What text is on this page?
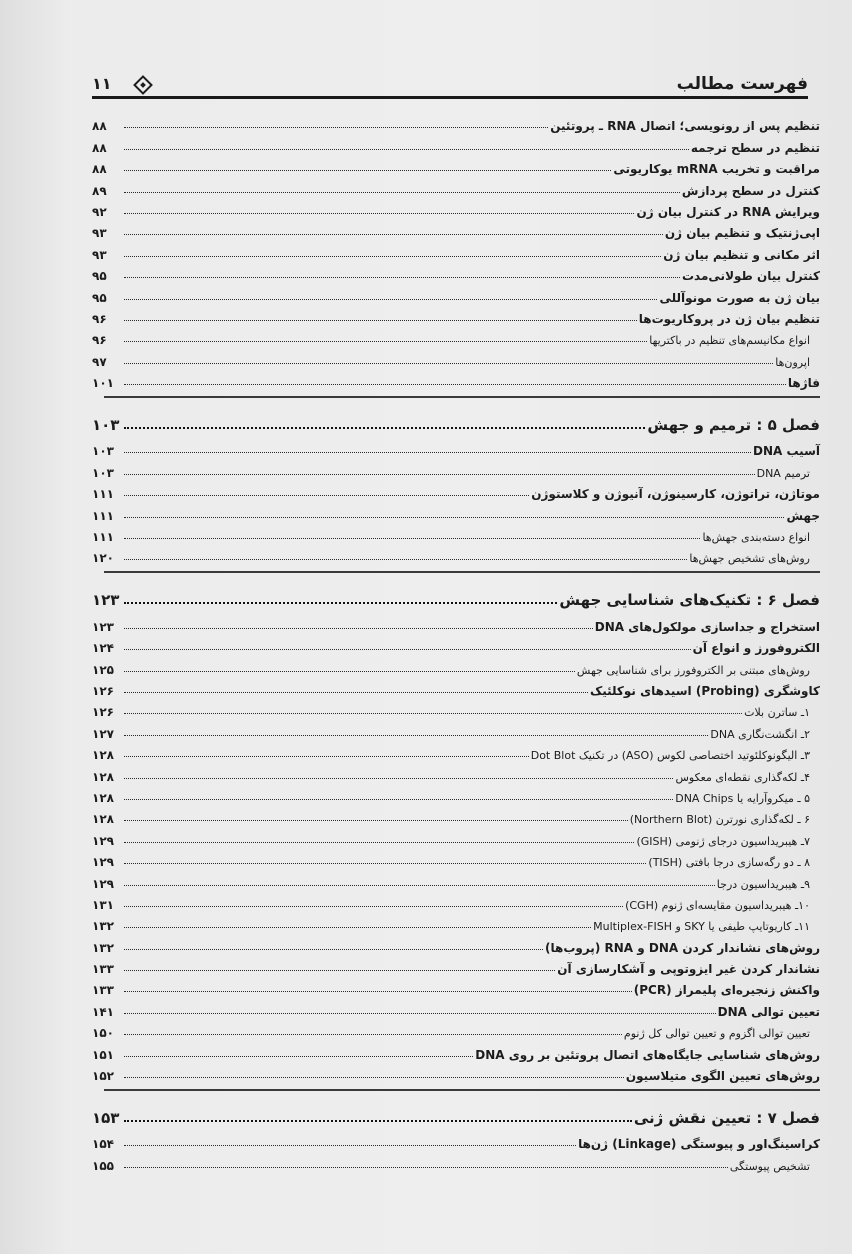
فهرست مطالب
۱۱
تنظیم پس از رونویسی؛ اتصال RNA ـ پروتئین
۸۸
تنظیم در سطح ترجمه
۸۸
مراقبت و تخریب mRNA یوکاریوتی
۸۸
کنترل در سطح پردازش
۸۹
ویرایش RNA در کنترل بیان ژن
۹۲
اپی‌ژنتیک و تنظیم بیان ژن
۹۳
اثر مکانی و تنظیم بیان ژن
۹۳
کنترل بیان طولانی‌مدت
۹۵
بیان ژن به صورت مونوآللی
۹۵
تنظیم بیان ژن در پروکاریوت‌ها
۹۶
انواع مکانیسم‌های تنظیم در باکتریها
۹۶
اپرون‌ها
۹۷
فاژها
۱۰۱
فصل ۵ : ترمیم و جهش
۱۰۳
آسیب DNA
۱۰۳
ترمیم DNA
۱۰۳
موتاژن، تراتوژن، کارسینوژن، آنیوژن و کلاستوژن
۱۱۱
جهش
۱۱۱
انواع دسته‌بندی جهش‌ها
۱۱۱
روش‌های تشخیص جهش‌ها
۱۲۰
فصل ۶ : تکنیک‌های شناسایی جهش
۱۲۳
استخراج و جداسازی مولکول‌های DNA
۱۲۳
الکتروفورز و انواع آن
۱۲۴
روش‌های مبتنی بر الکتروفورز برای شناسایی جهش
۱۲۵
کاوشگری (Probing) اسیدهای نوکلئیک
۱۲۶
۱ـ ساترن بلات
۱۲۶
۲ـ انگشت‌نگاری DNA
۱۲۷
۳ـ الیگونوکلئوتید اختصاصی لکوس (ASO) در تکنیک Dot Blot
۱۲۸
۴ـ لکه‌گذاری نقطه‌ای معکوس
۱۲۸
۵ ـ میکروآرایه یا DNA Chips
۱۲۸
۶ ـ لکه‌گذاری نورترن (Northern Blot)
۱۲۸
۷ـ هیبریداسیون درجای ژنومی (GISH)
۱۲۹
۸ ـ دو رگه‌سازی درجا بافتی (TISH)
۱۲۹
۹ـ هیبریداسیون درجا
۱۲۹
۱۰ـ هیبریداسیون مقایسه‌ای ژنوم (CGH)
۱۳۱
۱۱ـ کاریوتایپ طیفی یا SKY و Multiplex-FISH
۱۳۲
روش‌های نشاندار کردن DNA و RNA (پروب‌ها)
۱۳۲
نشاندار کردن غیر ایزوتوپی و آشکارسازی آن
۱۳۳
واکنش زنجیره‌ای پلیمراز (PCR)
۱۳۳
تعیین توالی DNA
۱۴۱
تعیین توالی اگزوم و تعیین توالی کل ژنوم
۱۵۰
روش‌های شناسایی جایگاه‌های اتصال پروتئین بر روی DNA
۱۵۱
روش‌های تعیین الگوی متیلاسیون
۱۵۲
فصل ۷ : تعیین نقش ژنی
۱۵۳
کراسینگ‌اور و پیوستگی (Linkage) ژن‌ها
۱۵۴
تشخیص پیوستگی
۱۵۵
